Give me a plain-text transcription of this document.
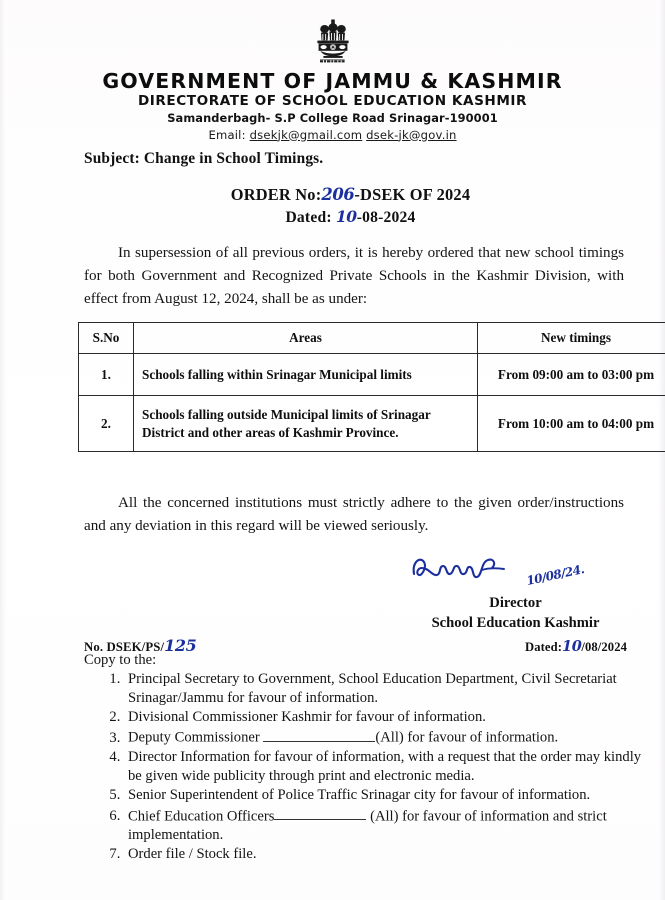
GOVERNMENT OF JAMMU & KASHMIR
DIRECTORATE OF SCHOOL EDUCATION KASHMIR
Samanderbagh- S.P College Road Srinagar-190001
Email: dsekjk@gmail.com dsek-jk@gov.in
Subject: Change in School Timings.
ORDER No:206-DSEK OF 2024
Dated: 10-08-2024
In supersession of all previous orders, it is hereby ordered that new school timings for both Government and Recognized Private Schools in the Kashmir Division, with effect from August 12, 2024, shall be as under:
S.No	Areas	New timings
1.	Schools falling within Srinagar Municipal limits	From 09:00 am to 03:00 pm
2.	Schools falling outside Municipal limits of Srinagar District and other areas of Kashmir Province.	From 10:00 am to 04:00 pm
All the concerned institutions must strictly adhere to the given order/instructions and any deviation in this regard will be viewed seriously.
10/08/24.
Director
School Education Kashmir
No. DSEK/PS/125	Dated:10/08/2024
Copy to the:
1. Principal Secretary to Government, School Education Department, Civil Secretariat Srinagar/Jammu for favour of information.
2. Divisional Commissioner Kashmir for favour of information.
3. Deputy Commissioner	(All) for favour of information.
4. Director Information for favour of information, with a request that the order may kindly be given wide publicity through print and electronic media.
5. Senior Superintendent of Police Traffic Srinagar city for favour of information.
6. Chief Education Officers	(All) for favour of information and strict implementation.
7. Order file / Stock file.
